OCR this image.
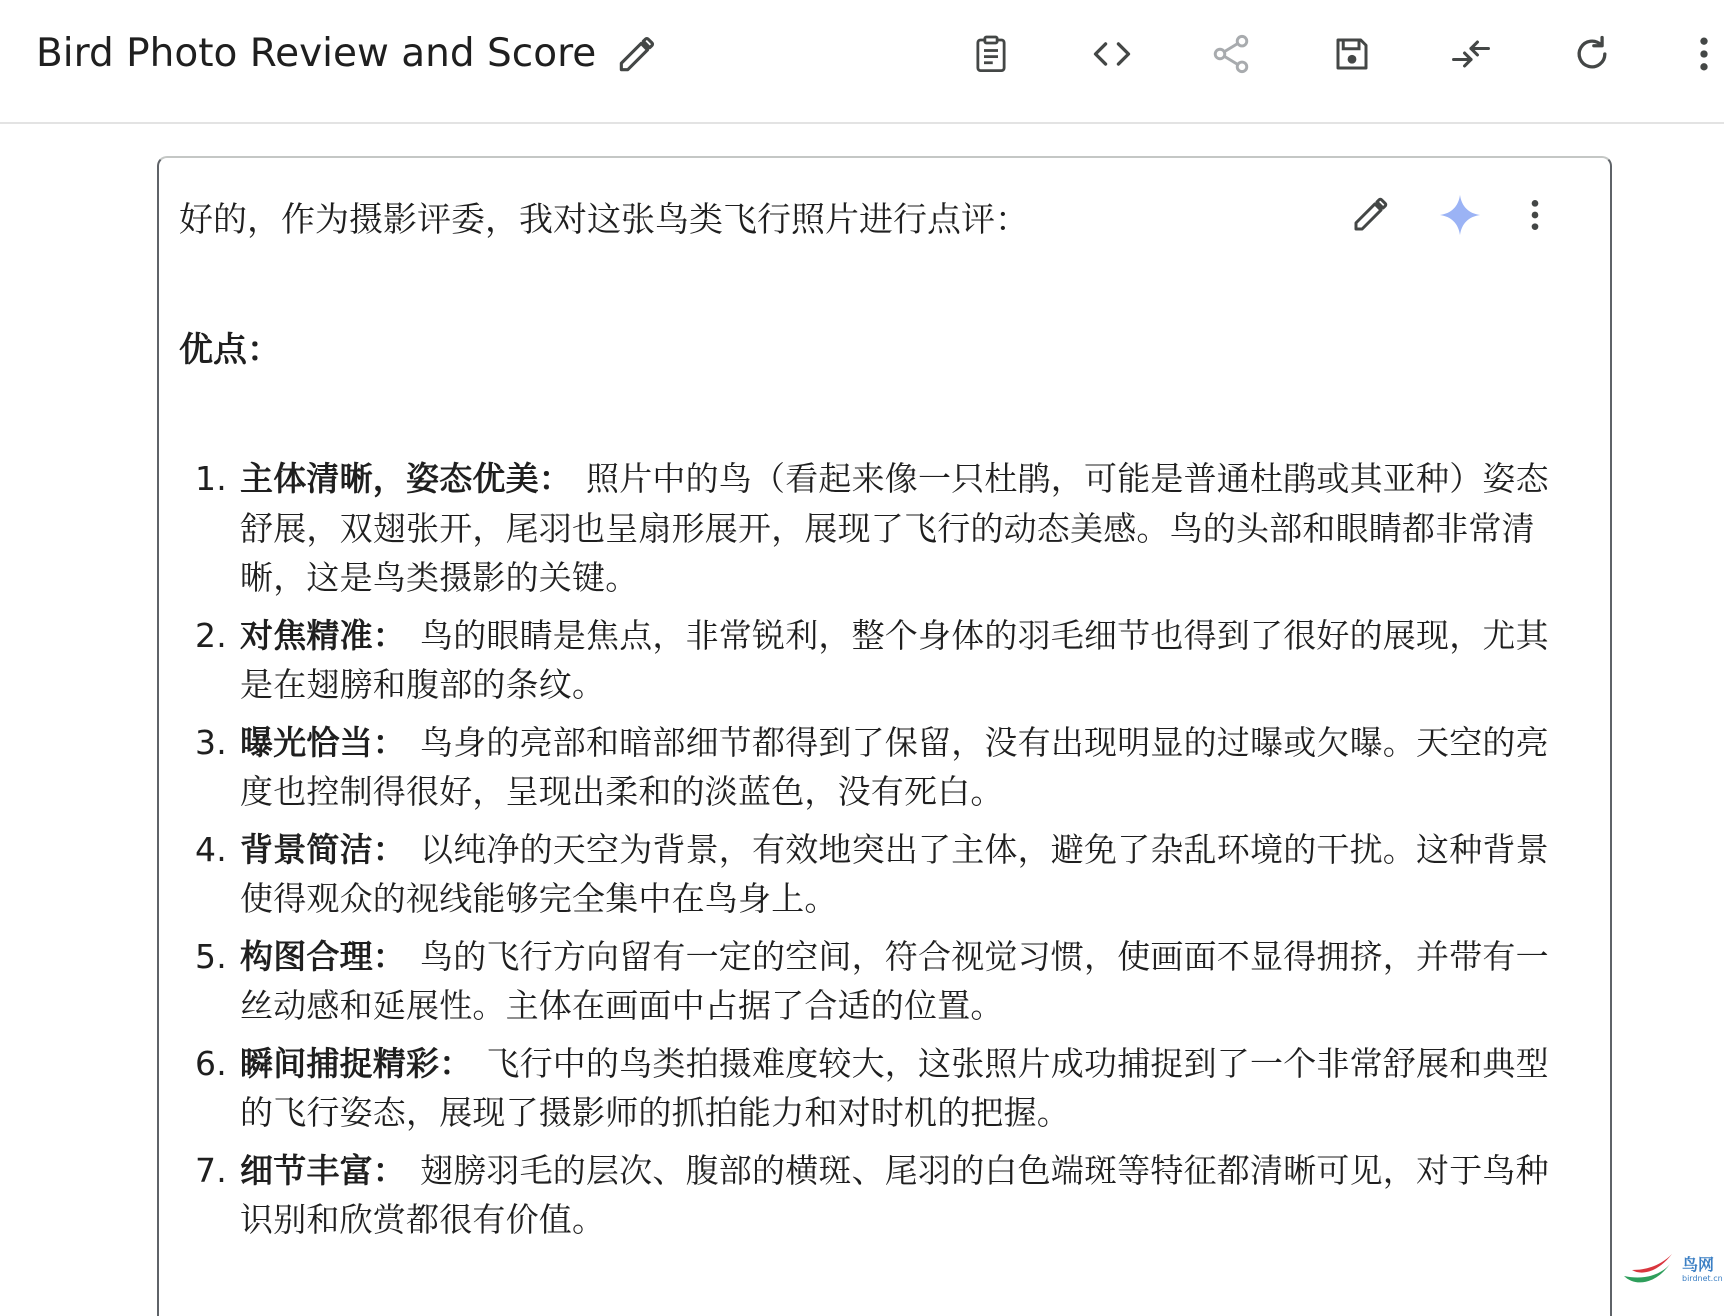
Bird Photo Review and Score
好的，作为摄影评委，我对这张鸟类飞行照片进行点评：
优点：
1. 主体清晰，姿态优美： 照片中的鸟（看起来像一只杜鹃，可能是普通杜鹃或其亚种）姿态舒展，双翅张开，尾羽也呈扇形展开，展现了飞行的动态美感。鸟的头部和眼睛都非常清晰，这是鸟类摄影的关键。
2. 对焦精准： 鸟的眼睛是焦点，非常锐利，整个身体的羽毛细节也得到了很好的展现，尤其是在翅膀和腹部的条纹。
3. 曝光恰当： 鸟身的亮部和暗部细节都得到了保留，没有出现明显的过曝或欠曝。天空的亮度也控制得很好，呈现出柔和的淡蓝色，没有死白。
4. 背景简洁： 以纯净的天空为背景，有效地突出了主体，避免了杂乱环境的干扰。这种背景使得观众的视线能够完全集中在鸟身上。
5. 构图合理： 鸟的飞行方向留有一定的空间，符合视觉习惯，使画面不显得拥挤，并带有一丝动感和延展性。主体在画面中占据了合适的位置。
6. 瞬间捕捉精彩： 飞行中的鸟类拍摄难度较大，这张照片成功捕捉到了一个非常舒展和典型的飞行姿态，展现了摄影师的抓拍能力和对时机的把握。
7. 细节丰富： 翅膀羽毛的层次、腹部的横斑、尾羽的白色端斑等特征都清晰可见，对于鸟种识别和欣赏都很有价值。
鸟网
birdnet.cn
